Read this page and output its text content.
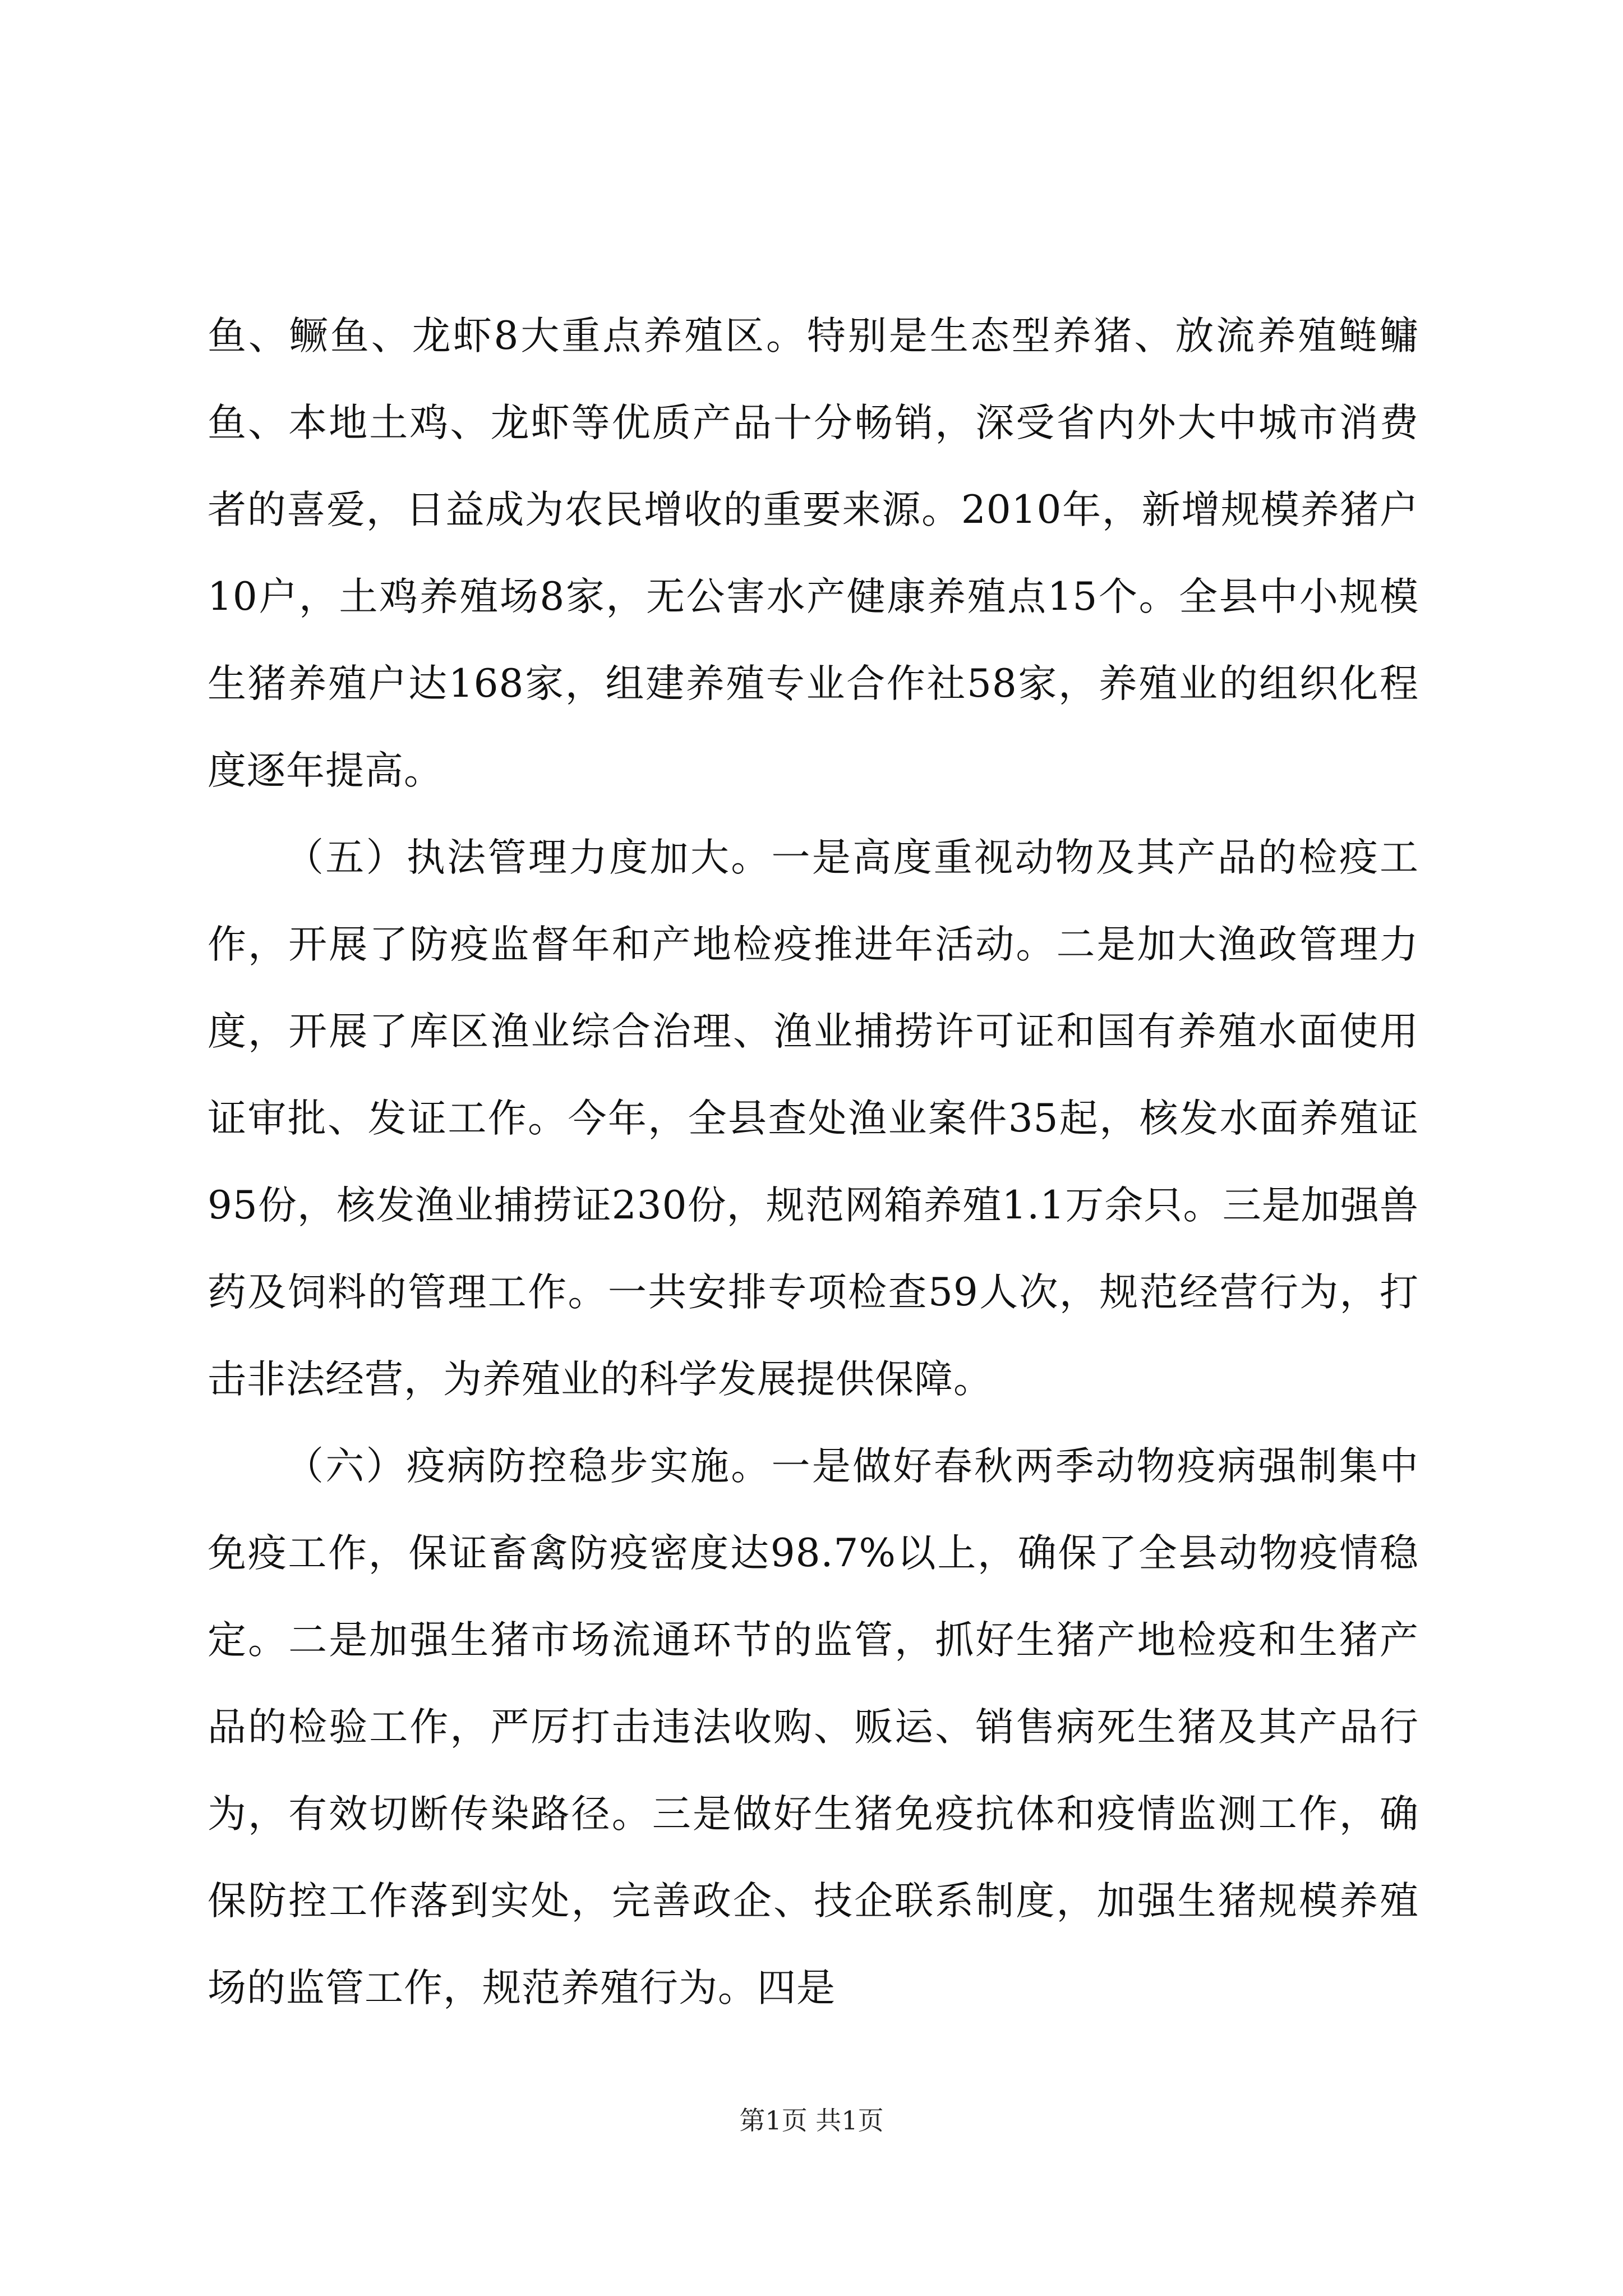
鱼、鳜鱼、龙虾8大重点养殖区。特别是生态型养猪、放流养殖鲢鳙鱼、本地土鸡、龙虾等优质产品十分畅销，深受省内外大中城市消费者的喜爱，日益成为农民增收的重要来源。2010年，新增规模养猪户10户，土鸡养殖场8家，无公害水产健康养殖点15个。全县中小规模生猪养殖户达168家，组建养殖专业合作社58家，养殖业的组织化程度逐年提高。

（五）执法管理力度加大。一是高度重视动物及其产品的检疫工作，开展了防疫监督年和产地检疫推进年活动。二是加大渔政管理力度，开展了库区渔业综合治理、渔业捕捞许可证和国有养殖水面使用证审批、发证工作。今年，全县查处渔业案件35起，核发水面养殖证95份，核发渔业捕捞证230份，规范网箱养殖1.1万余只。三是加强兽药及饲料的管理工作。一共安排专项检查59人次，规范经营行为，打击非法经营，为养殖业的科学发展提供保障。

（六）疫病防控稳步实施。一是做好春秋两季动物疫病强制集中免疫工作，保证畜禽防疫密度达98.7%以上，确保了全县动物疫情稳定。二是加强生猪市场流通环节的监管，抓好生猪产地检疫和生猪产品的检验工作，严厉打击违法收购、贩运、销售病死生猪及其产品行为，有效切断传染路径。三是做好生猪免疫抗体和疫情监测工作，确保防控工作落到实处，完善政企、技企联系制度，加强生猪规模养殖场的监管工作，规范养殖行为。四是

第1页 共1页
